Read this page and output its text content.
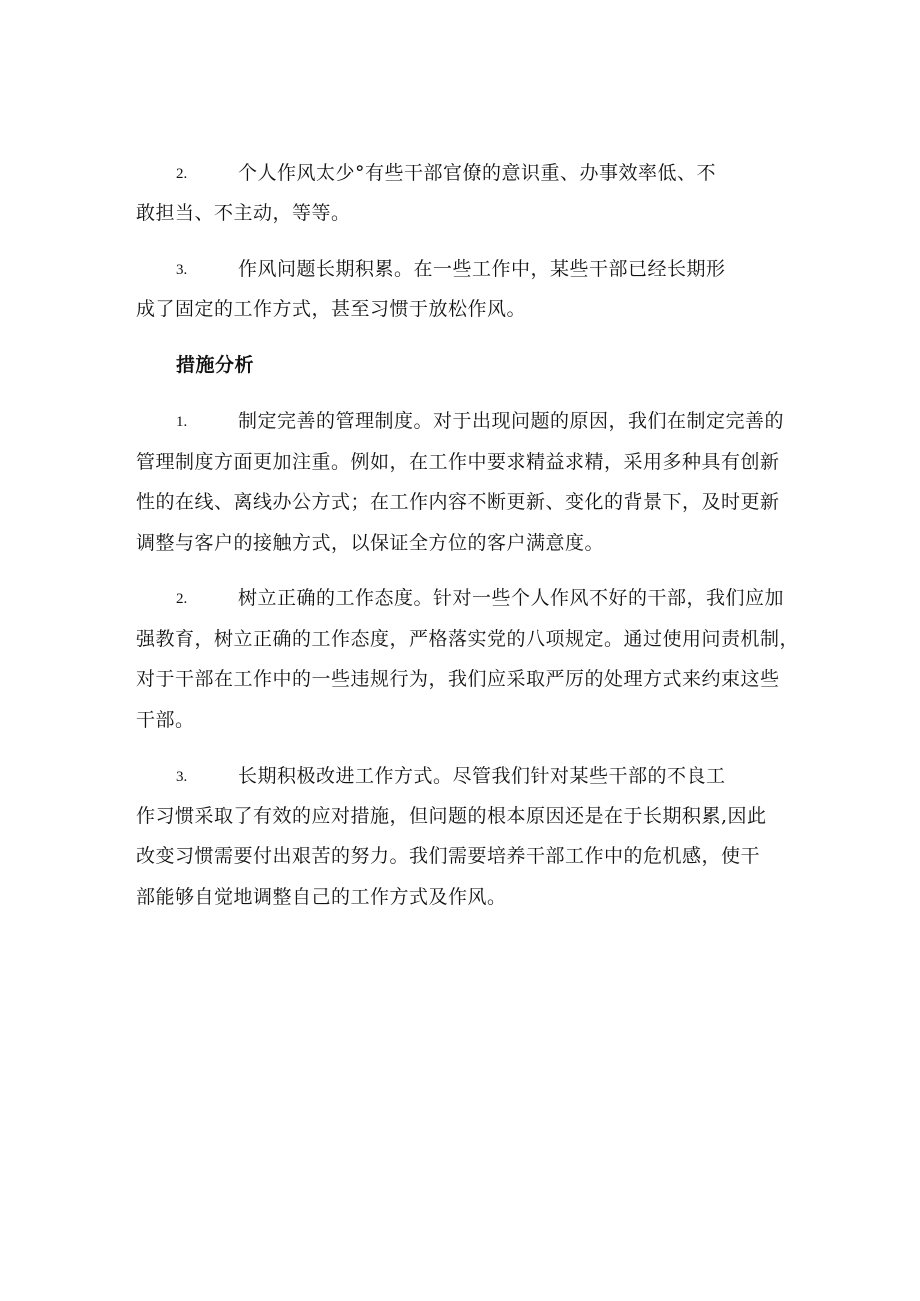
2.	个人作风太少°有些干部官僚的意识重、办事效率低、不
敢担当、不主动，等等。
3.	作风问题长期积累。在一些工作中，某些干部已经长期形
成了固定的工作方式，甚至习惯于放松作风。
措施分析
1.	制定完善的管理制度。对于出现问题的原因，我们在制定完善的
管理制度方面更加注重。例如，在工作中要求精益求精，采用多种具有创新
性的在线、离线办公方式；在工作内容不断更新、变化的背景下，及时更新
调整与客户的接触方式，以保证全方位的客户满意度。
2.	树立正确的工作态度。针对一些个人作风不好的干部，我们应加
强教育，树立正确的工作态度，严格落实党的八项规定。通过使用问责机制，
对于干部在工作中的一些违规行为，我们应采取严厉的处理方式来约束这些
干部。
3.	长期积极改进工作方式。尽管我们针对某些干部的不良工
作习惯采取了有效的应对措施，但问题的根本原因还是在于长期积累,因此
改变习惯需要付出艰苦的努力。我们需要培养干部工作中的危机感，使干
部能够自觉地调整自己的工作方式及作风。
